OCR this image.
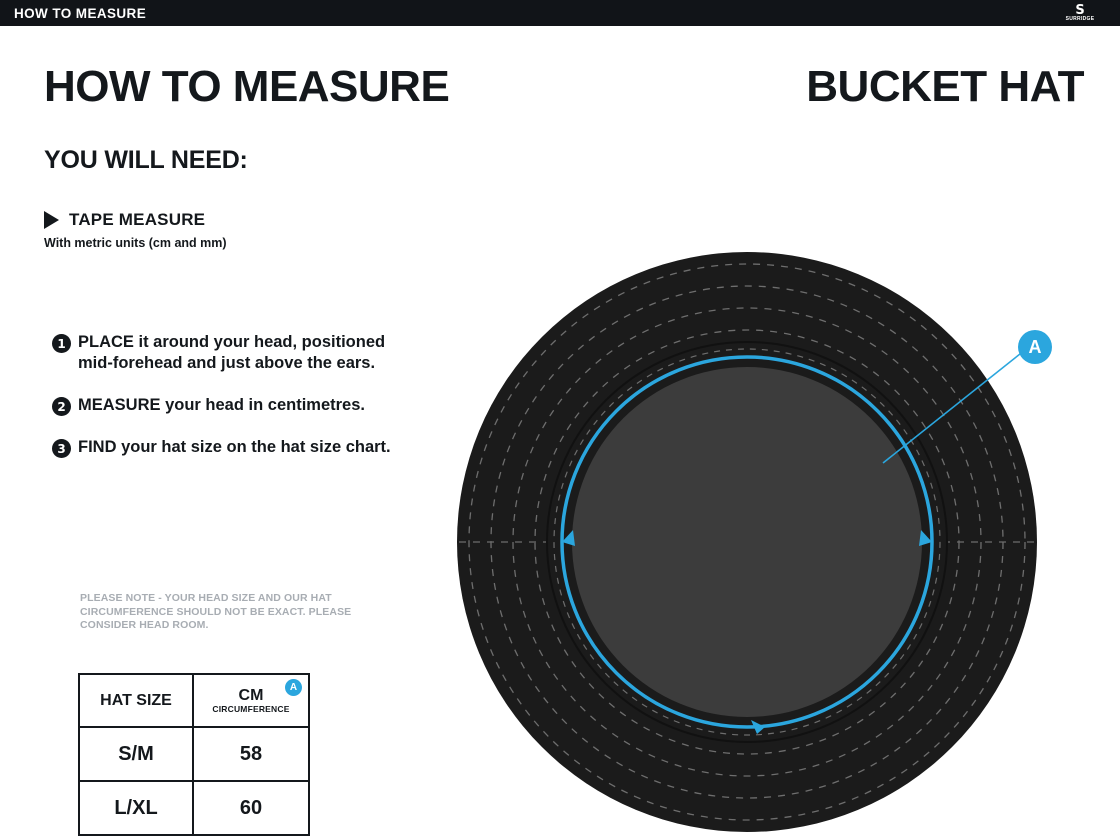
HOW TO MEASURE	S
SURRIDGE
HOW TO MEASURE	BUCKET HAT
YOU WILL NEED:
TAPE MEASURE
With metric units (cm and mm)
1 PLACE it around your head, positioned mid-forehead and just above the ears.
2 MEASURE your head in centimetres.
3 FIND your hat size on the hat size chart.
PLEASE NOTE - YOUR HEAD SIZE AND OUR HAT CIRCUMFERENCE SHOULD NOT BE EXACT. PLEASE CONSIDER HEAD ROOM.
HAT SIZE	CM
CIRCUMFERENCE
A

S/M	58
L/XL	60
A
